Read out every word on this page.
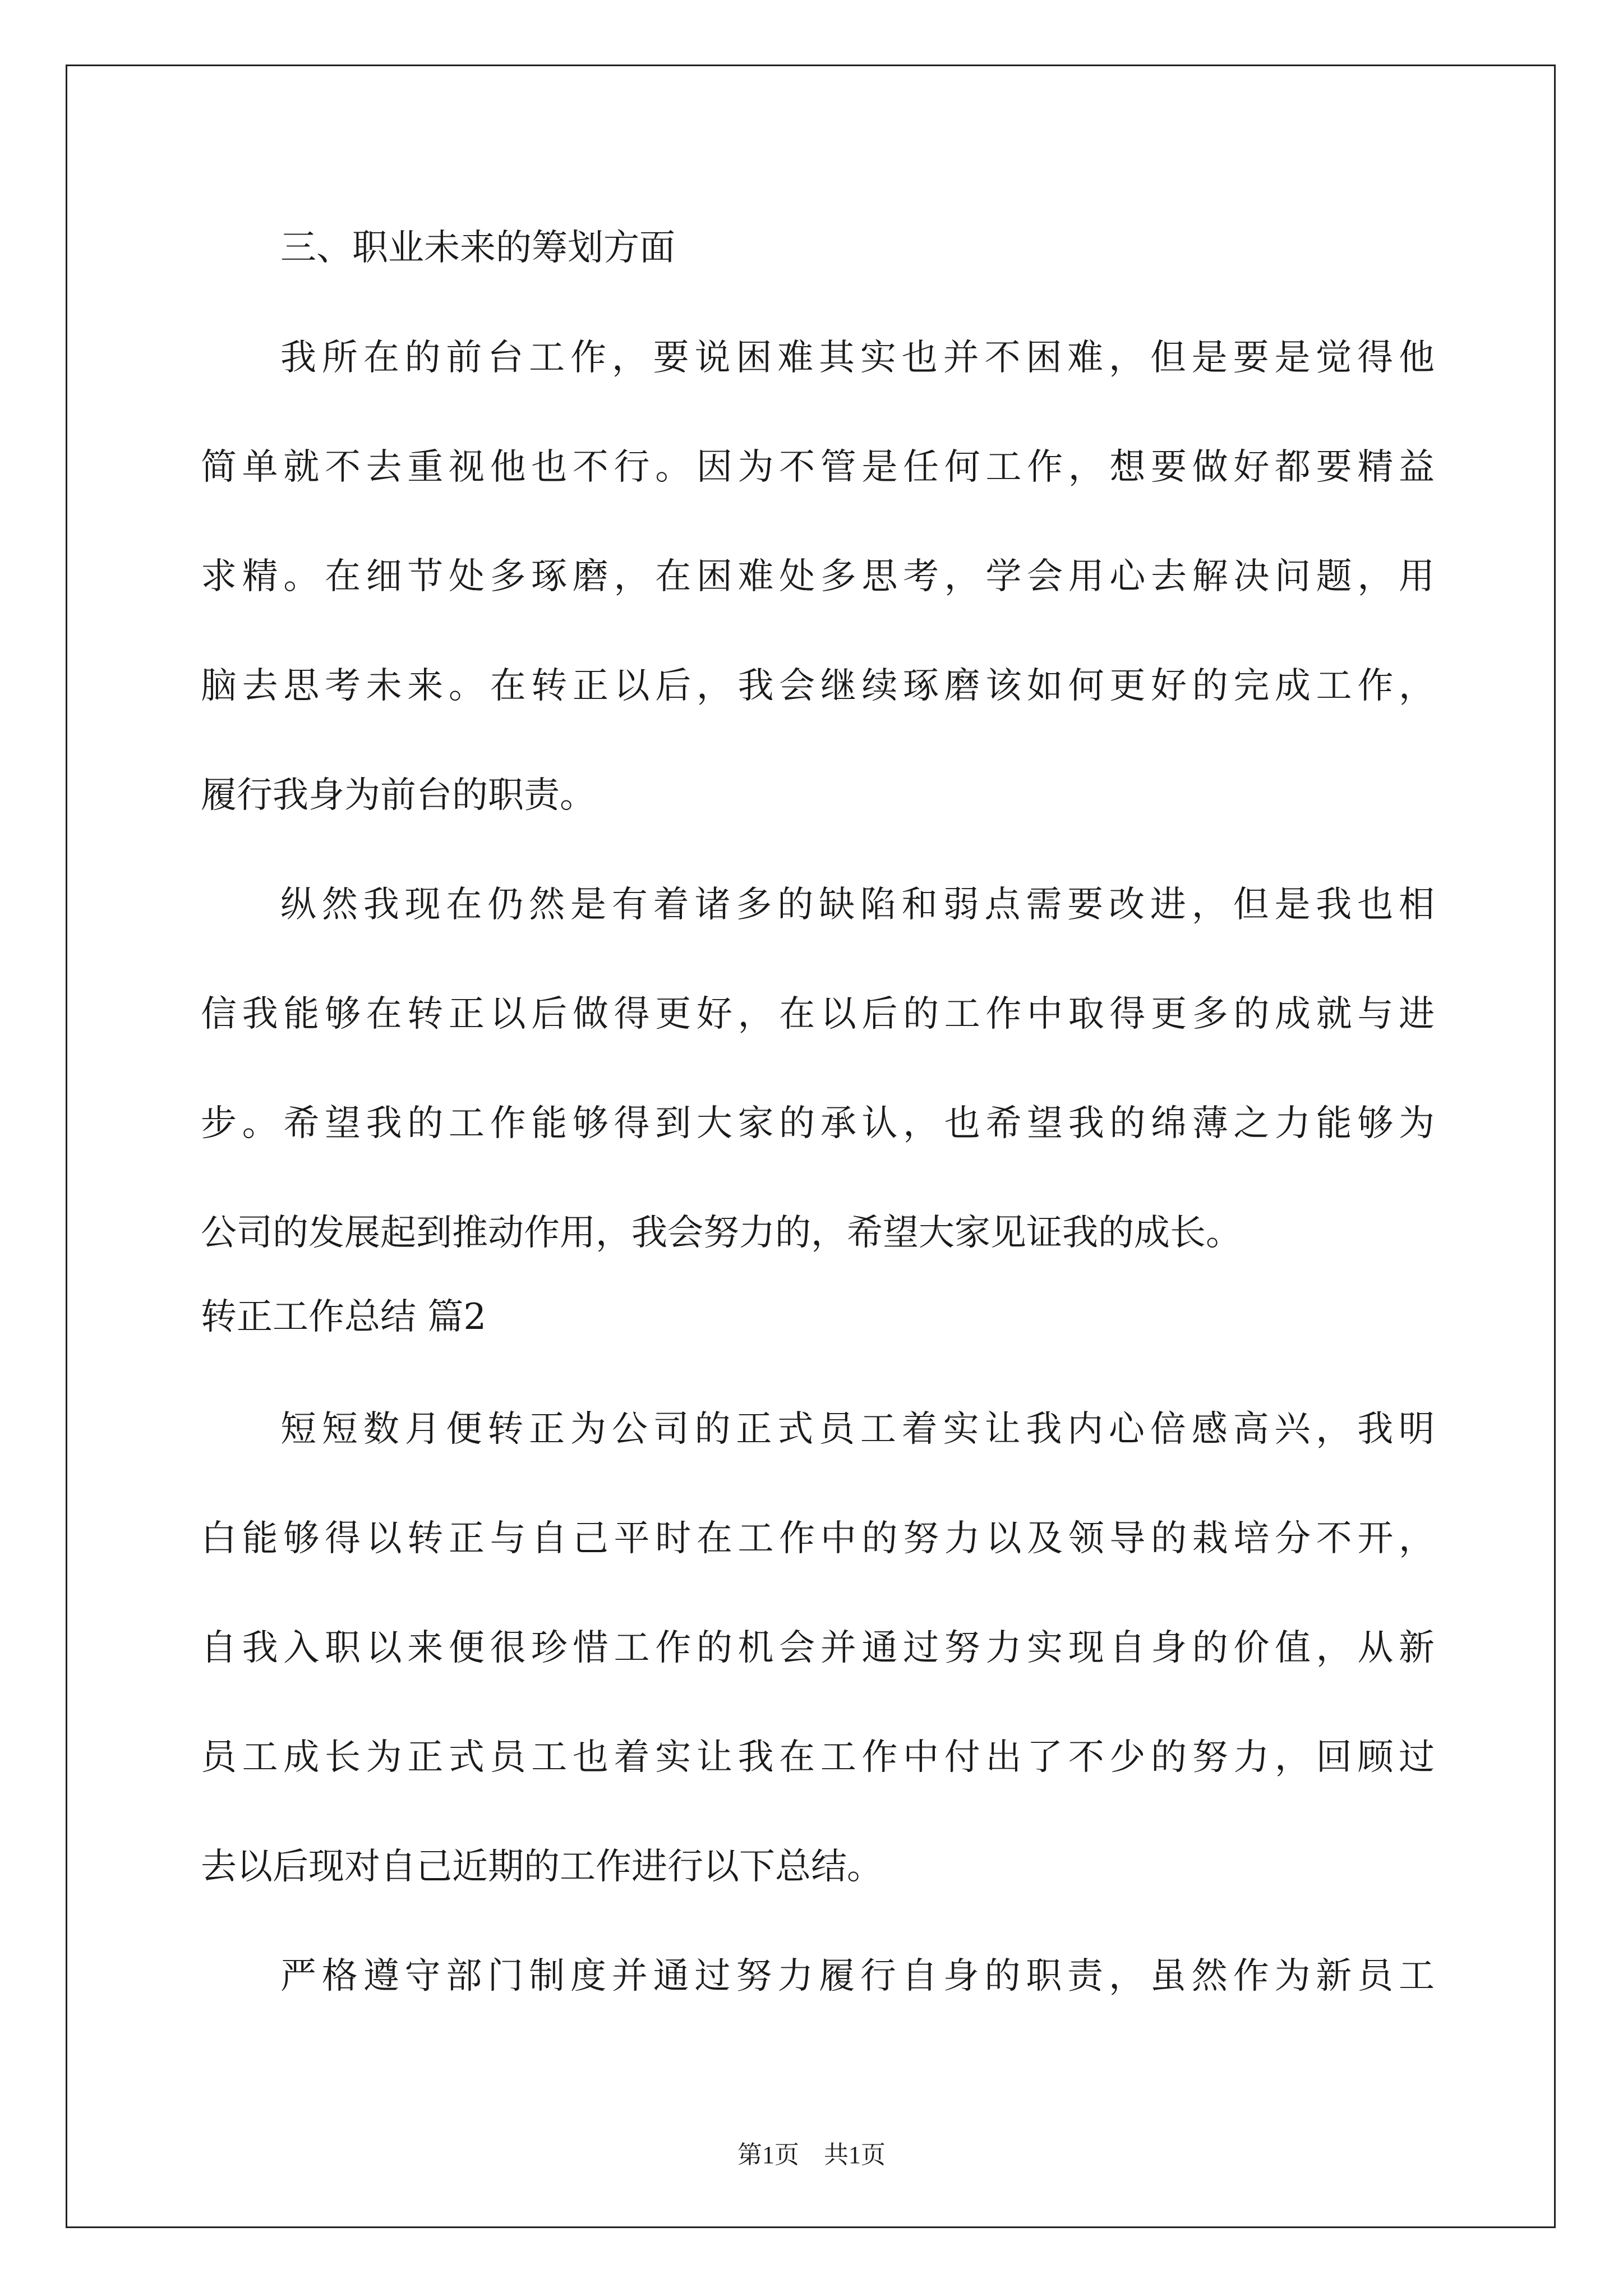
三、职业未来的筹划方面
我所在的前台工作，要说困难其实也并不困难，但是要是觉得他
简单就不去重视他也不行。因为不管是任何工作，想要做好都要精益
求精。在细节处多琢磨，在困难处多思考，学会用心去解决问题，用
脑去思考未来。在转正以后，我会继续琢磨该如何更好的完成工作，
履行我身为前台的职责。
纵然我现在仍然是有着诸多的缺陷和弱点需要改进，但是我也相
信我能够在转正以后做得更好，在以后的工作中取得更多的成就与进
步。希望我的工作能够得到大家的承认，也希望我的绵薄之力能够为
公司的发展起到推动作用，我会努力的，希望大家见证我的成长。
转正工作总结 篇2
短短数月便转正为公司的正式员工着实让我内心倍感高兴，我明
白能够得以转正与自己平时在工作中的努力以及领导的栽培分不开，
自我入职以来便很珍惜工作的机会并通过努力实现自身的价值，从新
员工成长为正式员工也着实让我在工作中付出了不少的努力，回顾过
去以后现对自己近期的工作进行以下总结。
严格遵守部门制度并通过努力履行自身的职责，虽然作为新员工
第1页 共1页
